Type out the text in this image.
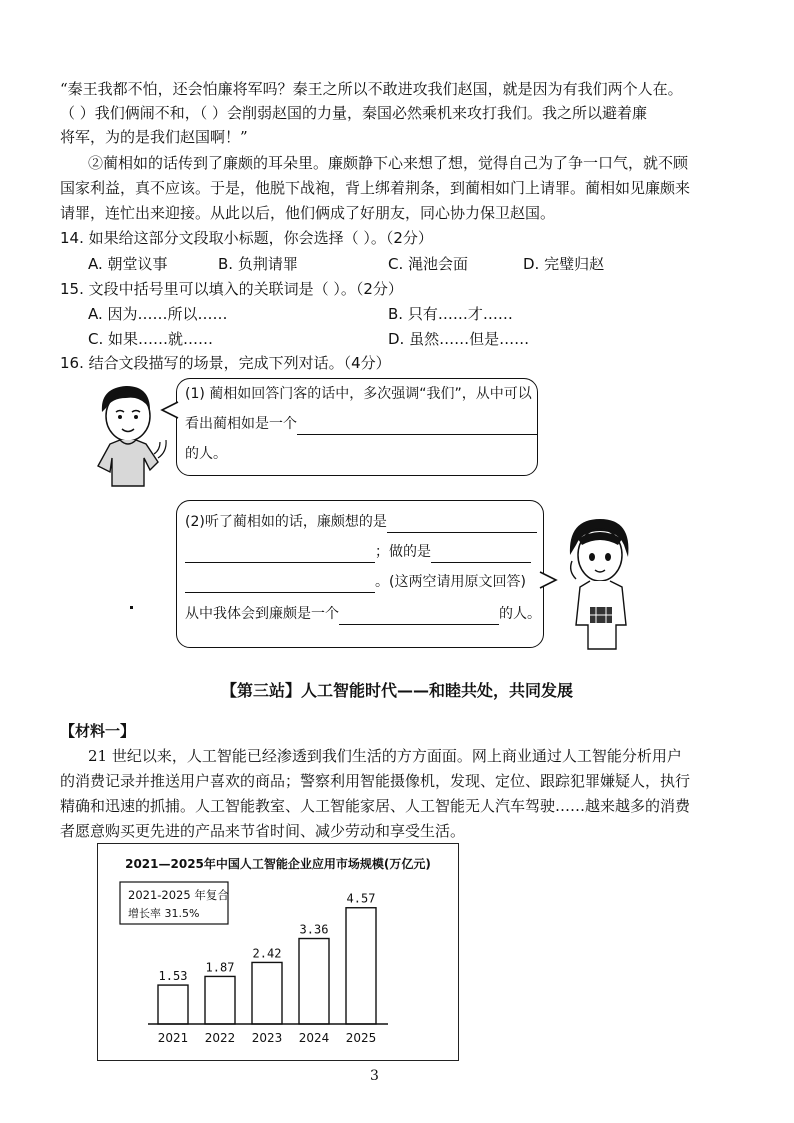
“秦王我都不怕，还会怕廉将军吗？秦王之所以不敢进攻我们赵国，就是因为有我们两个人在。
（ ）我们俩闹不和，（ ）会削弱赵国的力量，秦国必然乘机来攻打我们。我之所以避着廉
将军，为的是我们赵国啊！”
②蔺相如的话传到了廉颇的耳朵里。廉颇静下心来想了想，觉得自己为了争一口气，就不顾
国家利益，真不应该。于是，他脱下战袍，背上绑着荆条，到蔺相如门上请罪。蔺相如见廉颇来
请罪，连忙出来迎接。从此以后，他们俩成了好朋友，同心协力保卫赵国。
14. 如果给这部分文段取小标题，你会选择（ ）。（2分）
A. 朝堂议事	B. 负荆请罪	C. 渑池会面	D. 完璧归赵
15. 文段中括号里可以填入的关联词是（ ）。（2分）
A. 因为……所以……	B. 只有……才……
C. 如果……就……	D. 虽然……但是……
16. 结合文段描写的场景，完成下列对话。（4分）
(1) 蔺相如回答门客的话中，多次强调“我们”，从中可以
看出蔺相如是一个
的人。
(2)听了蔺相如的话，廉颇想的是
；做的是
。(这两空请用原文回答)
从中我体会到廉颇是一个	的人。
【第三站】人工智能时代——和睦共处，共同发展
【材料一】
21 世纪以来，人工智能已经渗透到我们生活的方方面面。网上商业通过人工智能分析用户
的消费记录并推送用户喜欢的商品；警察利用智能摄像机，发现、定位、跟踪犯罪嫌疑人，执行
精确和迅速的抓捕。人工智能教室、人工智能家居、人工智能无人汽车驾驶……越来越多的消费
者愿意购买更先进的产品来节省时间、减少劳动和享受生活。
2021—2025年中国人工智能企业应用市场规模(万亿元)
2021-2025 年复合
增长率 31.5%
1.53
2021
1.87
2022
2.42
2023
3.36
2024
4.57
2025
3
